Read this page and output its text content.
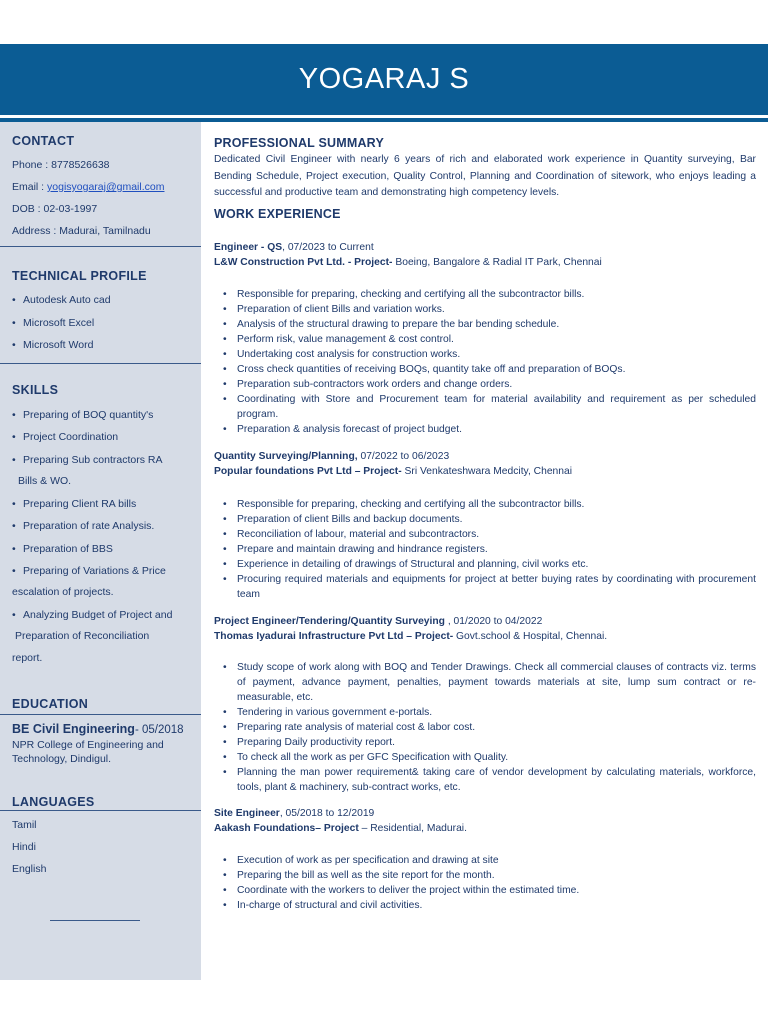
YOGARAJ S
CONTACT
Phone : 8778526638
Email : yogisyogaraj@gmail.com
DOB : 02-03-1997
Address : Madurai, Tamilnadu
TECHNICAL PROFILE
• Autodesk Auto cad
• Microsoft Excel
• Microsoft Word
SKILLS
• Preparing of BOQ quantity's
• Project Coordination
• Preparing Sub contractors RA
Bills & WO.
• Preparing Client RA bills
• Preparation of rate Analysis.
• Preparation of BBS
• Preparing of Variations & Price
escalation of projects.
• Analyzing Budget of Project and
Preparation of Reconciliation
report.
EDUCATION
BE Civil Engineering- 05/2018
NPR College of Engineering and
Technology, Dindigul.
LANGUAGES
Tamil
Hindi
English
PROFESSIONAL SUMMARY
Dedicated Civil Engineer with nearly 6 years of rich and elaborated work experience in Quantity surveying, Bar Bending Schedule, Project execution, Quality Control, Planning and Coordination of sitework, who enjoys leading a successful and productive team and demonstrating high competency levels.
WORK EXPERIENCE
Engineer - QS, 07/2023 to Current
L&W Construction Pvt Ltd. - Project- Boeing, Bangalore & Radial IT Park, Chennai
• Responsible for preparing, checking and certifying all the subcontractor bills.
• Preparation of client Bills and variation works.
• Analysis of the structural drawing to prepare the bar bending schedule.
• Perform risk, value management & cost control.
• Undertaking cost analysis for construction works.
• Cross check quantities of receiving BOQs, quantity take off and preparation of BOQs.
• Preparation sub-contractors work orders and change orders.
• Coordinating with Store and Procurement team for material availability and requirement as per scheduled program.
• Preparation & analysis forecast of project budget.
Quantity Surveying/Planning, 07/2022 to 06/2023
Popular foundations Pvt Ltd – Project- Sri Venkateshwara Medcity, Chennai
• Responsible for preparing, checking and certifying all the subcontractor bills.
• Preparation of client Bills and backup documents.
• Reconciliation of labour, material and subcontractors.
• Prepare and maintain drawing and hindrance registers.
• Experience in detailing of drawings of Structural and planning, civil works etc.
• Procuring required materials and equipments for project at better buying rates by coordinating with procurement team
Project Engineer/Tendering/Quantity Surveying , 01/2020 to 04/2022
Thomas Iyadurai Infrastructure Pvt Ltd – Project- Govt.school & Hospital, Chennai.
• Study scope of work along with BOQ and Tender Drawings. Check all commercial clauses of contracts viz. terms of payment, advance payment, penalties, payment towards materials at site, lump sum contract or re- measurable, etc.
• Tendering in various government e-portals.
• Preparing rate analysis of material cost & labor cost.
• Preparing Daily productivity report.
• To check all the work as per GFC Specification with Quality.
• Planning the man power requirement& taking care of vendor development by calculating materials, workforce, tools, plant & machinery, sub-contract works, etc.
Site Engineer, 05/2018 to 12/2019
Aakash Foundations– Project – Residential, Madurai.
• Execution of work as per specification and drawing at site
• Preparing the bill as well as the site report for the month.
• Coordinate with the workers to deliver the project within the estimated time.
• In-charge of structural and civil activities.
